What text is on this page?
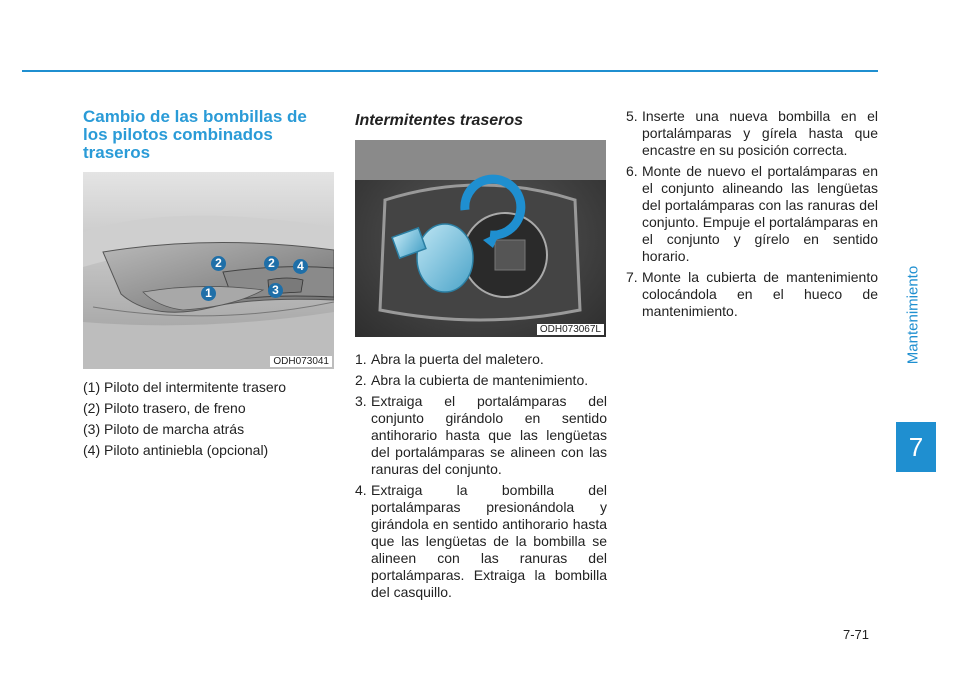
Mantenimiento
7
Cambio de las bombillas de los pilotos combinados traseros
2	2	4
1	3
ODH073041

(1) Piloto del intermitente trasero

(2) Piloto trasero, de freno

(3) Piloto de marcha atrás

(4) Piloto antiniebla (opcional)

Intermitentes traseros
ODH073067L
1. Abra la puerta del maletero.
2. Abra la cubierta de mantenimiento.
3. Extraiga el portalámparas del conjunto girándolo en sentido antihorario hasta que las lengüetas del portalámparas se alineen con las ranuras del conjunto.
4. Extraiga la bombilla del portalámparas presionándola y girándola en sentido antihorario hasta que las lengüetas de la bombilla se alineen con las ranuras del portalámparas. Extraiga la bombilla del casquillo.
5. Inserte una nueva bombilla en el portalámparas y gírela hasta que encastre en su posición correcta.
6. Monte de nuevo el portalámparas en el conjunto alineando las lengüetas del portalámparas con las ranuras del conjunto. Empuje el portalámparas en el conjunto y gírelo en sentido horario.
7. Monte la cubierta de mantenimiento colocándola en el hueco de mantenimiento.
7-71
